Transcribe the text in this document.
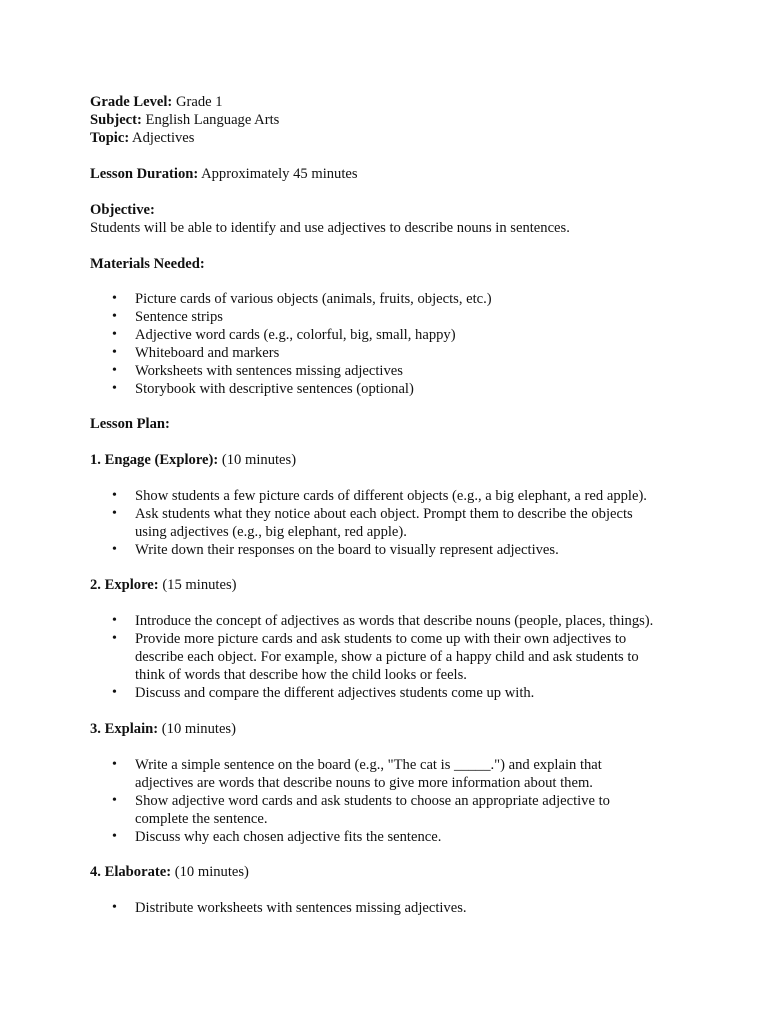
Grade Level: Grade 1
Subject: English Language Arts
Topic: Adjectives
Lesson Duration: Approximately 45 minutes
Objective:
Students will be able to identify and use adjectives to describe nouns in sentences.
Materials Needed:
• Picture cards of various objects (animals, fruits, objects, etc.)
• Sentence strips
• Adjective word cards (e.g., colorful, big, small, happy)
• Whiteboard and markers
• Worksheets with sentences missing adjectives
• Storybook with descriptive sentences (optional)
Lesson Plan:
1. Engage (Explore): (10 minutes)
• Show students a few picture cards of different objects (e.g., a big elephant, a red apple).
• Ask students what they notice about each object. Prompt them to describe the objects
using adjectives (e.g., big elephant, red apple).
• Write down their responses on the board to visually represent adjectives.
2. Explore: (15 minutes)
• Introduce the concept of adjectives as words that describe nouns (people, places, things).
• Provide more picture cards and ask students to come up with their own adjectives to
describe each object. For example, show a picture of a happy child and ask students to
think of words that describe how the child looks or feels.
• Discuss and compare the different adjectives students come up with.
3. Explain: (10 minutes)
• Write a simple sentence on the board (e.g., "The cat is _____.") and explain that
adjectives are words that describe nouns to give more information about them.
• Show adjective word cards and ask students to choose an appropriate adjective to
complete the sentence.
• Discuss why each chosen adjective fits the sentence.
4. Elaborate: (10 minutes)
• Distribute worksheets with sentences missing adjectives.
